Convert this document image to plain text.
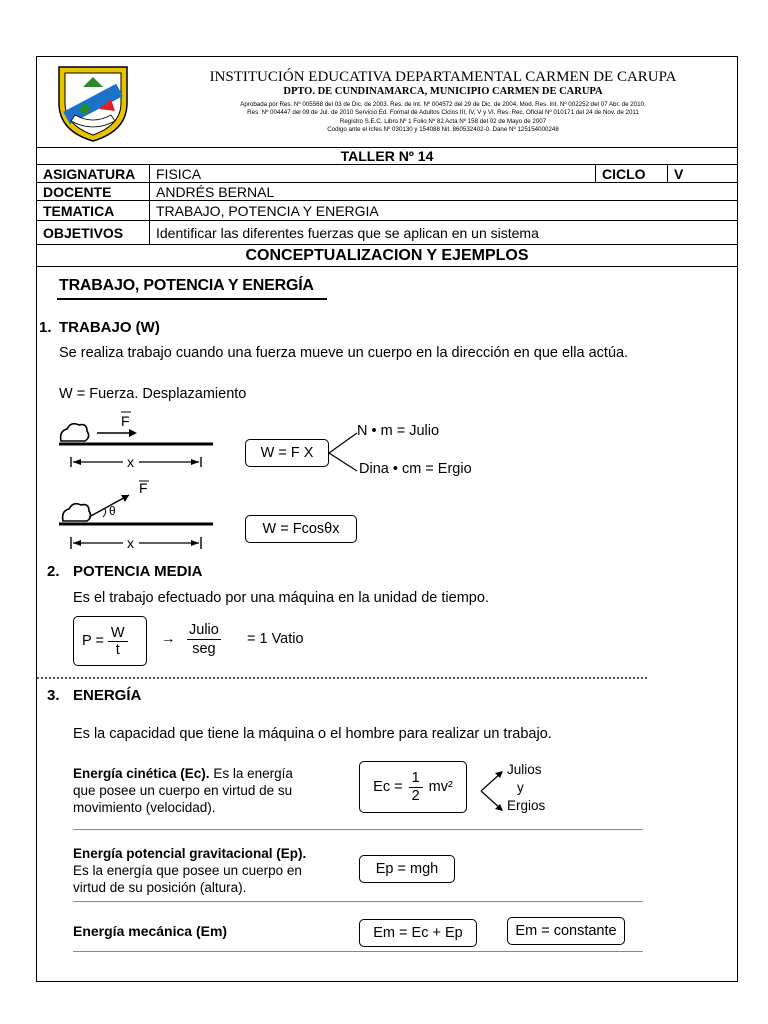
INSTITUCIÓN EDUCATIVA DEPARTAMENTAL CARMEN DE CARUPA
DPTO. DE CUNDINAMARCA, MUNICIPIO CARMEN DE CARUPA
Aprobada por Res. Nº 005568 del 03 de Dic. de 2003. Res. de Int. Nº 004572 del 29 de Dic. de 2004. Mod. Res. Int. Nº 002252 del 07 Abr. de 2010.
Res. Nº 004447 del 09 de Jul. de 2010 Servicio Ed. Formal de Adultos Ciclos III, IV, V y VI. Res. Rec. Oficial Nº 010171 del 24 de Nov. de 2011
Registro S.E.C. Libro Nº 1 Folio Nº 82 Acta Nº 158 del 02 de Mayo de 2007
Codigo ante el Icfes Nº 030130 y 154088 Nit. 860532402-0. Dane Nº 125154000248
TALLER Nº 14
ASIGNATURA	FISICA	CICLO	V
DOCENTE	ANDRÉS BERNAL
TEMATICA	TRABAJO, POTENCIA Y ENERGIA
OBJETIVOS	Identificar las diferentes fuerzas que se aplican en un sistema
CONCEPTUALIZACION Y EJEMPLOS
TRABAJO, POTENCIA Y ENERGÍA
1. TRABAJO (W)
Se realiza trabajo cuando una fuerza mueve un cuerpo en la dirección en que ella actúa.
W = Fuerza. Desplazamiento
F
x
W = F X
N • m = Julio
Dina • cm = Ergio
θ
F
x
W = Fcosθx
2. POTENCIA MEDIA
Es el trabajo efectuado por una máquina en la unidad de tiempo.
$P = \frac{W}{t}$ →
Julio
seg
= 1 Vatio
3. ENERGÍA
Es la capacidad que tiene la máquina o el hombre para realizar un trabajo.
Energía cinética (Ec). Es la energía
que posee un cuerpo en virtud de su
movimiento (velocidad).
$Ec = \frac{1}{2} mv^2$
Julios
y
Ergios
Energía potencial gravitacional (Ep).
Es la energía que posee un cuerpo en
virtud de su posición (altura).
Ep = mgh
Energía mecánica (Em)	Em = Ec + Ep	Em = constante
